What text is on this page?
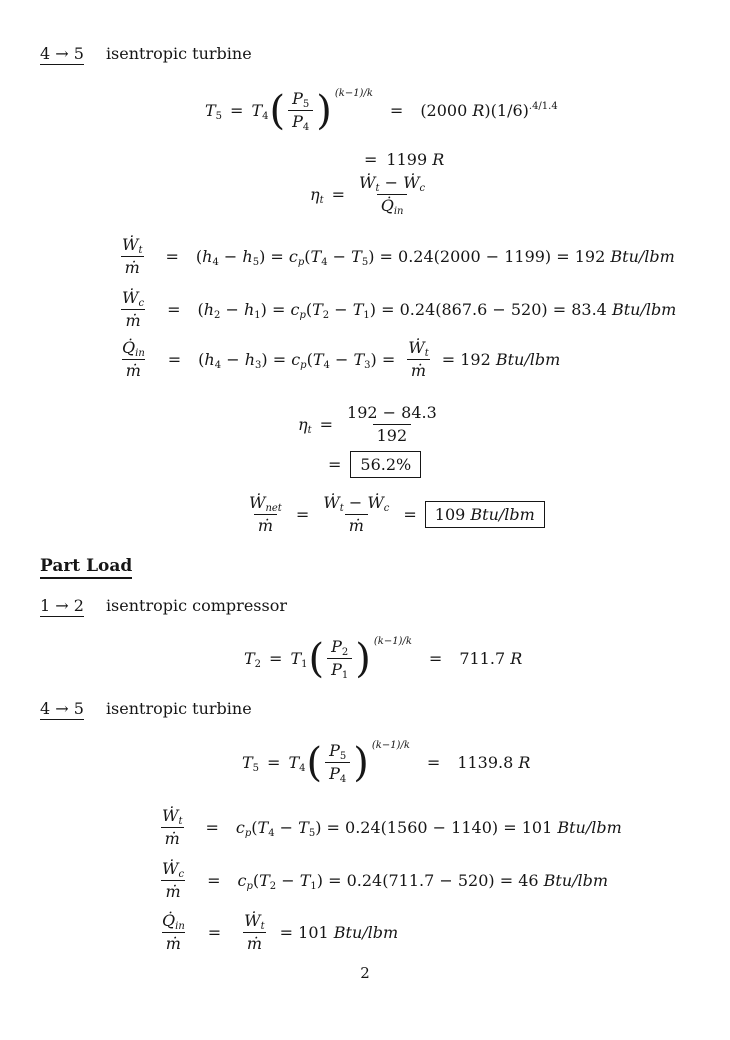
4 → 5 isentropic turbine
$T_5 = T_4$ ( $\frac{P_5}{P_4}$ ) (k−1)/k
= (2000 $R)(1/6)^{.4/1.4}$
= 1199 R
$\eta_t = \frac{Ẇ_t - Ẇ_c}{Q̇_{in}}$
$\frac{Ẇ_t}{\text{ṁ}} = (h_4 - h_5) = c_p(T_4 - T_5) = 0.24(2000 - 1199) = 192$ Btu/lbm
$\frac{Ẇ_c}{\text{ṁ}} = (h_2 - h_1) = c_p(T_2 - T_1) = 0.24(867.6 - 520) = 83.4$ Btu/lbm
$\frac{Q̇_{in}}{\text{ṁ}} = (h_4 - h_3) = c_p(T_4 - T_3) = \frac{Ẇ_t}{\text{ṁ}} = 192$ Btu/lbm
$\eta_t = \frac{192 - 84.3}{192}$
=	56.2%
$\frac{Ẇ_{net}}{\text{ṁ}} = \frac{Ẇ_t - Ẇ_c}{\text{ṁ}}$ =	109 Btu/lbm
Part Load
1 → 2 isentropic compressor
$T_2 = T_1$ ( $\frac{P_2}{P_1}$ ) (k−1)/k
= 711.7 R
4 → 5 isentropic turbine
$T_5 = T_4$ ( $\frac{P_5}{P_4}$ ) (k−1)/k
= 1139.8 R
$\frac{Ẇ_t}{\text{ṁ}} = c_p(T_4 - T_5) = 0.24(1560 - 1140) = 101$ Btu/lbm
$\frac{Ẇ_c}{\text{ṁ}} = c_p(T_2 - T_1) = 0.24(711.7 - 520) = 46$ Btu/lbm
$\frac{Q̇_{in}}{\text{ṁ}} = \frac{Ẇ_t}{\text{ṁ}} = 101$ Btu/lbm
2
